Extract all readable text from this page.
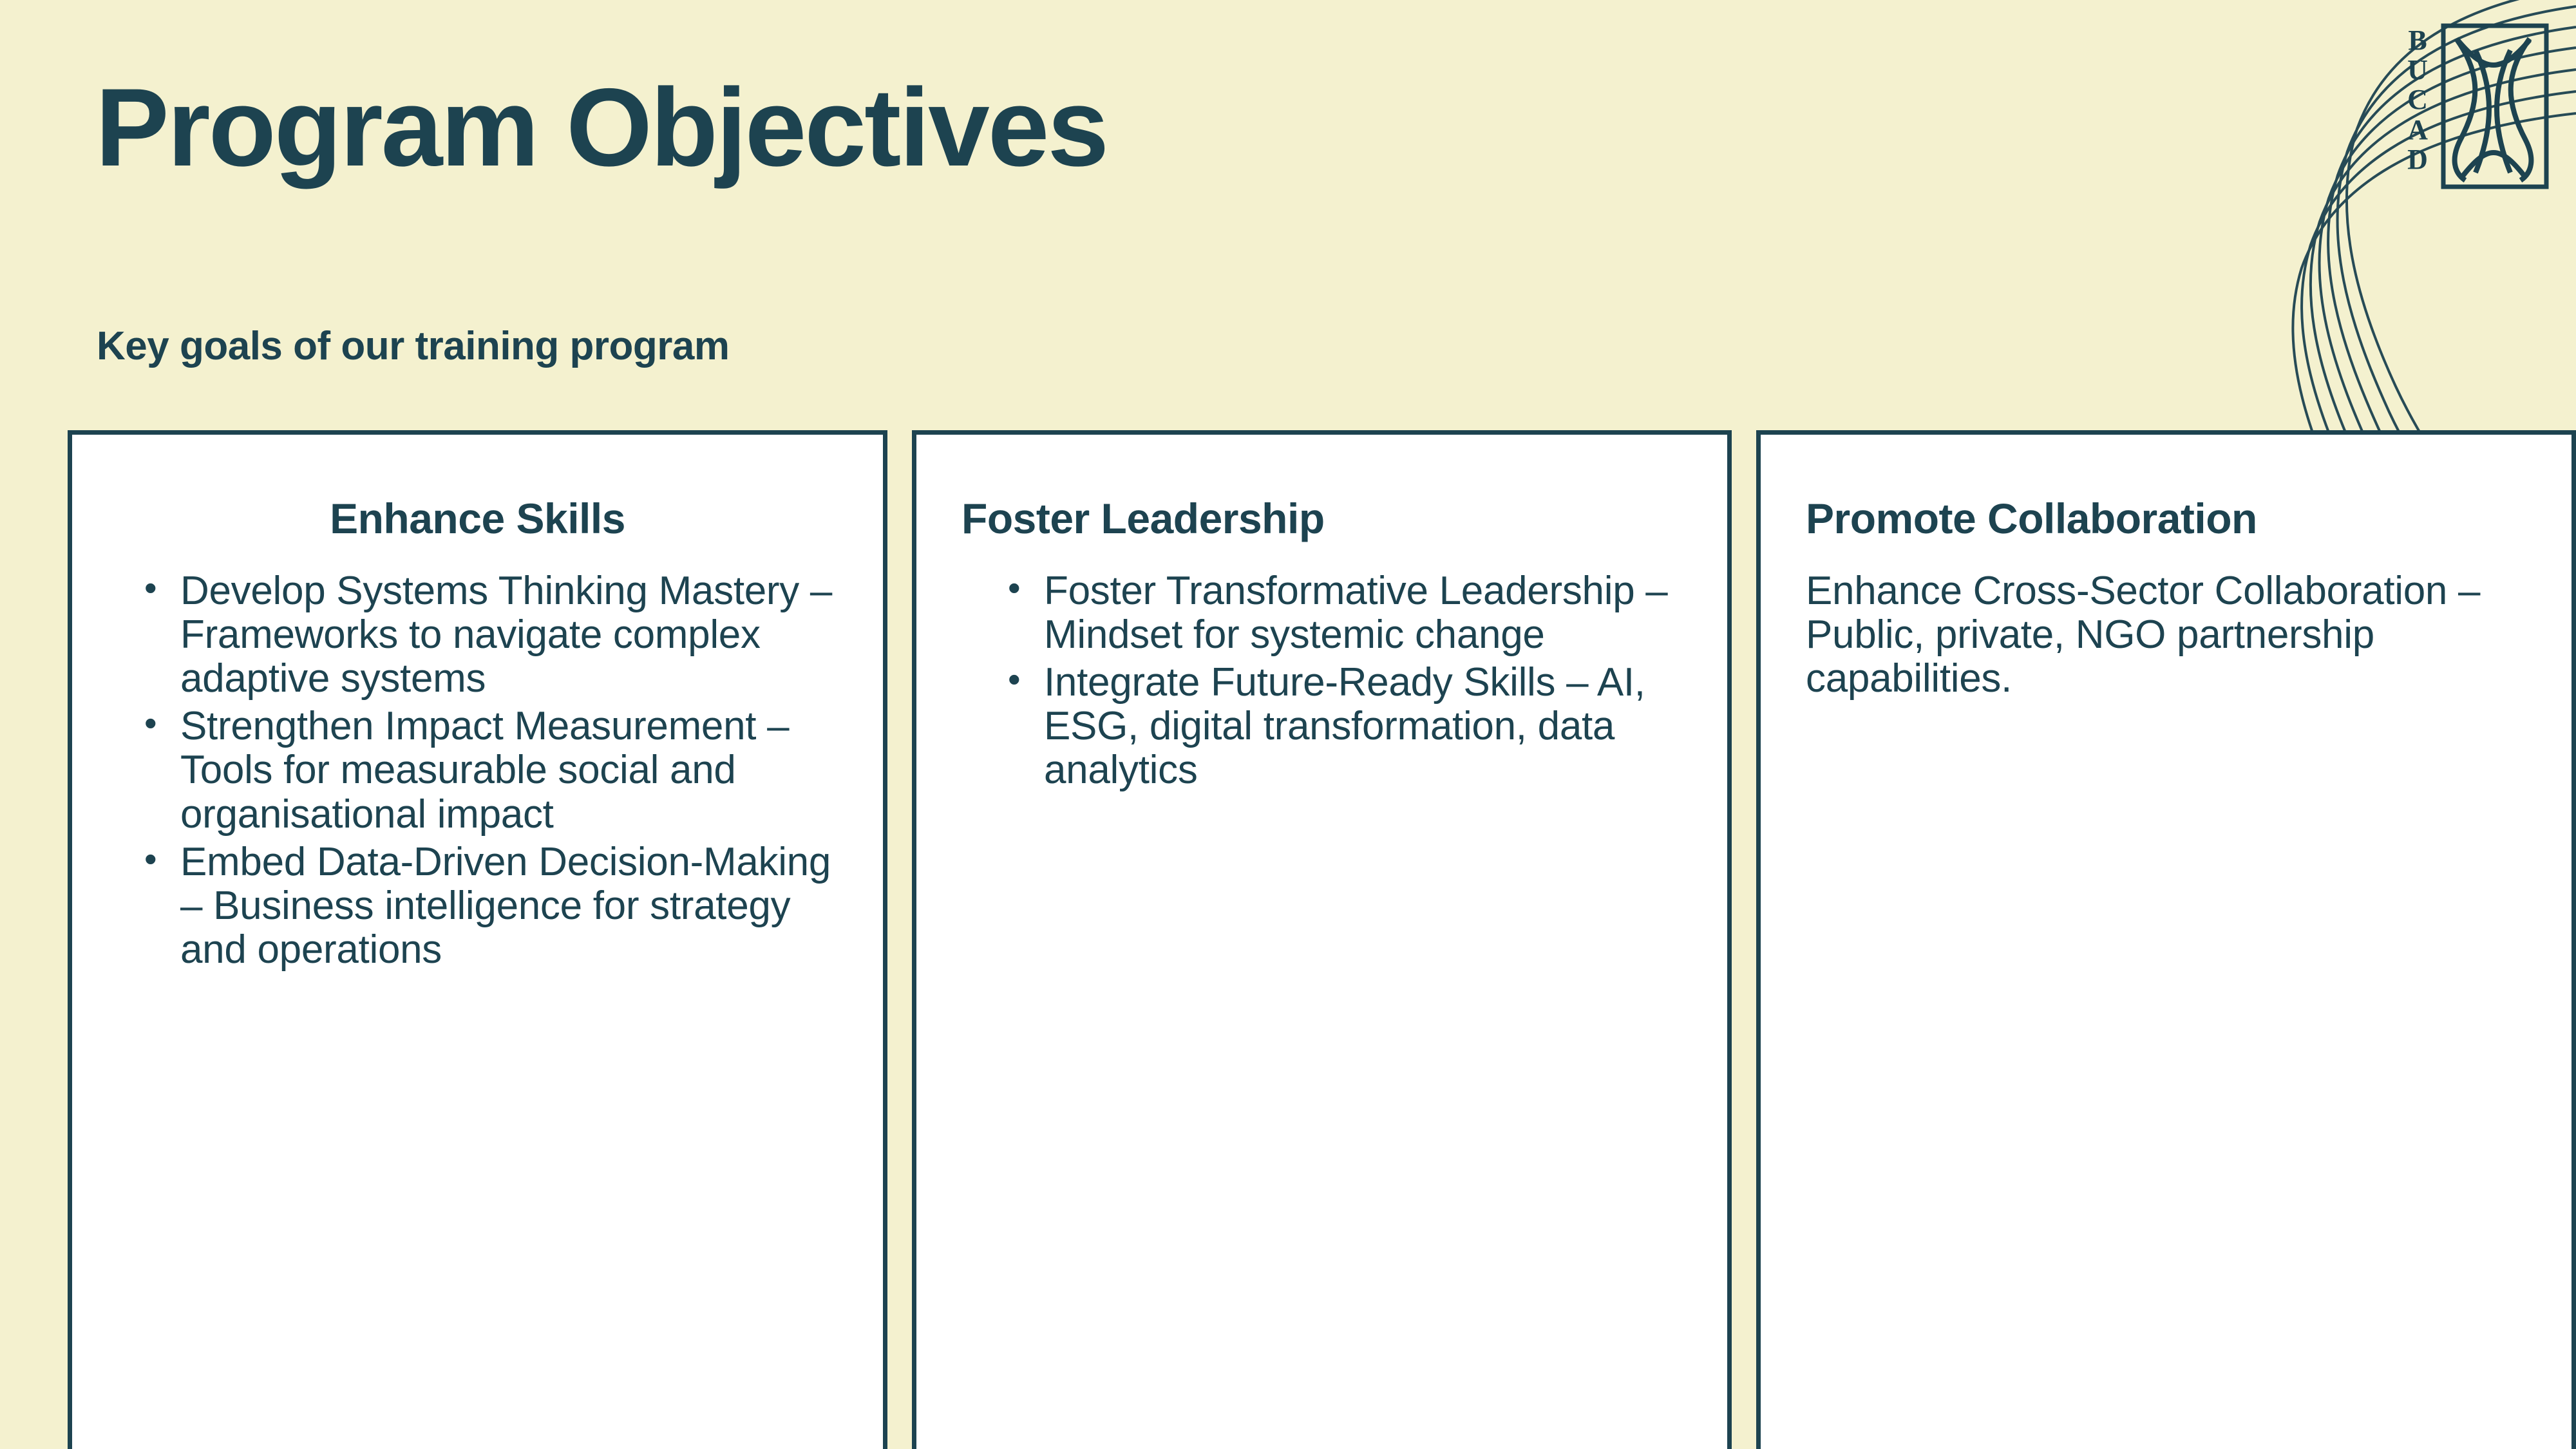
B
U
C
A
D
Program Objectives
Key goals of our training program
Enhance Skills
• Develop Systems Thinking Mastery – Frameworks to navigate complex adaptive systems
• Strengthen Impact Measurement – Tools for measurable social and organisational impact
• Embed Data-Driven Decision-Making – Business intelligence for strategy and operations
Foster Leadership
• Foster Transformative Leadership – Mindset for systemic change
• Integrate Future-Ready Skills – AI, ESG, digital transformation, data analytics
Promote Collaboration

Enhance Cross-Sector Collaboration – Public, private, NGO partnership capabilities.
